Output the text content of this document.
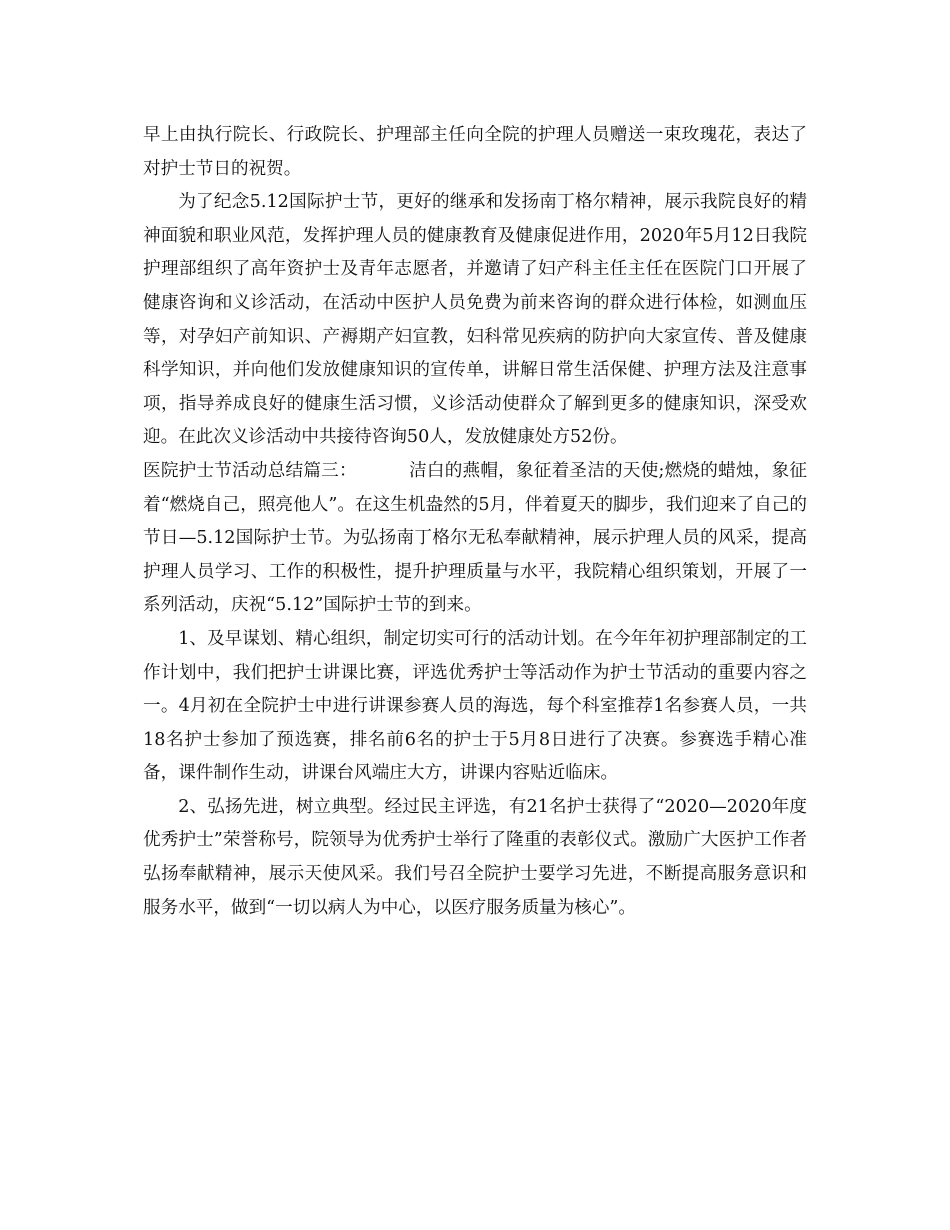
早上由执行院长、行政院长、护理部主任向全院的护理人员赠送一束玫瑰花，表达了对护士节日的祝贺。

为了纪念5.12国际护士节，更好的继承和发扬南丁格尔精神，展示我院良好的精神面貌和职业风范，发挥护理人员的健康教育及健康促进作用，2020年5月12日我院护理部组织了高年资护士及青年志愿者，并邀请了妇产科主任主任在医院门口开展了健康咨询和义诊活动，在活动中医护人员免费为前来咨询的群众进行体检，如测血压等，对孕妇产前知识、产褥期产妇宣教，妇科常见疾病的防护向大家宣传、普及健康科学知识，并向他们发放健康知识的宣传单，讲解日常生活保健、护理方法及注意事项，指导养成良好的健康生活习惯，义诊活动使群众了解到更多的健康知识，深受欢迎。在此次义诊活动中共接待咨询50人，发放健康处方52份。

医院护士节活动总结篇三：	洁白的燕帽，象征着圣洁的天使;燃烧的蜡烛，象征着“燃烧自己，照亮他人”。在这生机盎然的5月，伴着夏天的脚步，我们迎来了自己的节日—5.12国际护士节。为弘扬南丁格尔无私奉献精神，展示护理人员的风采，提高护理人员学习、工作的积极性，提升护理质量与水平，我院精心组织策划，开展了一系列活动，庆祝“5.12”国际护士节的到来。

1、及早谋划、精心组织，制定切实可行的活动计划。在今年年初护理部制定的工作计划中，我们把护士讲课比赛，评选优秀护士等活动作为护士节活动的重要内容之一。4月初在全院护士中进行讲课参赛人员的海选，每个科室推荐1名参赛人员，一共18名护士参加了预选赛，排名前6名的护士于5月8日进行了决赛。参赛选手精心准备，课件制作生动，讲课台风端庄大方，讲课内容贴近临床。

2、弘扬先进，树立典型。经过民主评选，有21名护士获得了“2020—2020年度优秀护士”荣誉称号，院领导为优秀护士举行了隆重的表彰仪式。激励广大医护工作者弘扬奉献精神，展示天使风采。我们号召全院护士要学习先进，不断提高服务意识和服务水平，做到“一切以病人为中心，以医疗服务质量为核心”。
